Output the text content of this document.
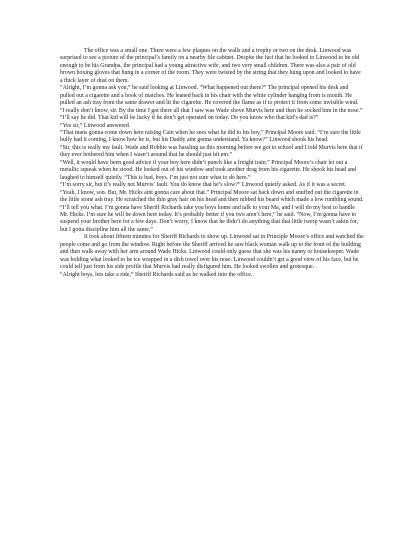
The office was a small one. There were a few plaques on the walls and a trophy or two on the desk. Linwood was surprised to see a picture of the principal’s family on a nearby file cabinet. Despite the fact that he looked to Linwood to be old enough to be his Grandpa, the principal had a young attractive wife, and two very small children. There was also a pair of old brown boxing gloves that hung in a corner of the room. They were twisted by the string that they hung upon and looked to have a thick layer of dust on them.

“Alright, I’m gonna ask you,” he said looking at Linwood. “What happened out there?” The principal opened his desk and pulled out a cigarette and a book of matches. He leaned back in his chair with the white cylinder hanging from is mouth. He pulled an ash tray from the same drawer and lit the cigarette. He covered the flame as if to protect it from some invisible wind.

“I really don’t know, sir. By the time I got there all that I saw was Wade shove Murvis here and then he socked him in the nose.”

“I’ll say he did. That kid will be lucky if he don’t get operated on today. Do you know who that kid’s dad is?”

“Yes sir,” Linwood answered.

“That mans gonna come down here raising Cain when he sees what he did to his boy,” Principal Moore said. “I’m sure the little bully had it coming, I know how he is, but his Daddy aint gonna understand. Ya know?” Linwood shook his head.

“Sir, this is really my fault. Wade and Robbie was hassling us this morning before we got to school and I told Murvis here that if they ever bothered him when I wasn’t around that he should just hit em.”

“Well, it would have been good advice if your boy here didn’t punch like a freight train.” Principal Moore’s chair let out a metallic squeak when he stood. He looked out of his window and took another drag from his cigarette. He shook his head and laughed to himself quietly. “This is bad, boys. I’m just not sure what to do here.”

“I’m sorry sir, but it’s really not Murvis’ fault. You do know that he’s slow?” Linwood quietly asked. As if it was a secret.

“Yeah, I know, son. But, Mr. Hicks aint gonna care about that.” Principal Moore sat back down and snuffed out the cigarette in the little stone ash tray. He scratched the thin gray hair on his head and then rubbed his beard which made a low rumbling sound.

“I’ll tell you what. I’m gonna have Sheriff Richards take you boys home and talk to your Ma, and I will do my best to handle Mr. Hicks. I’m sure he will be down here today. It’s probably better if you two aren’t here,” he said. “Now, I’m gonna have to suspend your brother here for a few days. Don’t worry, I know that he didn’t do anything that that little twerp wasn’t askin for, but I gotta discipline him all the same.”

It took about fifteen minutes for Sheriff Richards to show up. Linwood sat in Principle Moore’s office and watched the people come and go from the window. Right before the Sheriff arrived he saw black woman walk up to the front of the building and then walk away with her arm around Wade Hicks. Linwood could only guess that she was his nanny or housekeeper. Wade was holding what looked to be ice wrapped in a dish towel over his nose. Linwood couldn’t get a good view of his face, but he could tell just from his side profile that Murvis had really disfigured him. He looked swollen and grotesque.

“Alright boys, lets take a ride,” Sheriff Richards said as he walked into the office.
